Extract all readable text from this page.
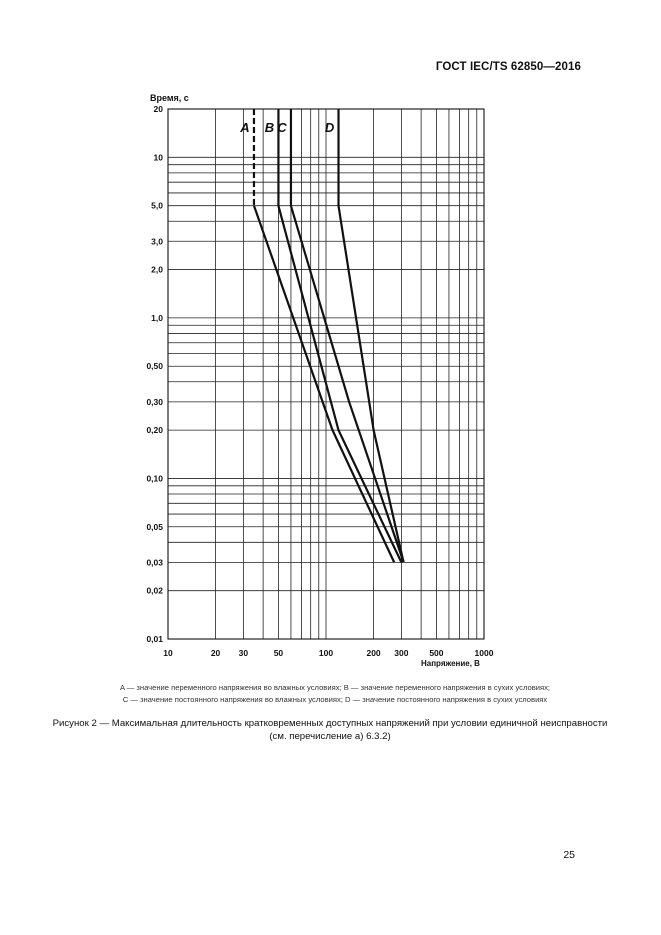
ГОСТ IEC/TS 62850—2016
10	20 30	50	100	200 300 500	1000
20
10
5,0
3,0
2,0
1,0
0,50
0,30
0,20
0,10
0,05
0,03
0,02
0,01
A B C	D
Время, с
Напряжение, В
A — значение переменного напряжения во влажных условиях; B — значение переменного напряжения в сухих условиях;
C — значение постоянного напряжения во влажных условиях; D — значение постоянного напряжения в сухих условиях
Рисунок 2 — Максимальная длительность кратковременных доступных напряжений при условии единичной неисправности (см. перечисление а) 6.3.2)
25
